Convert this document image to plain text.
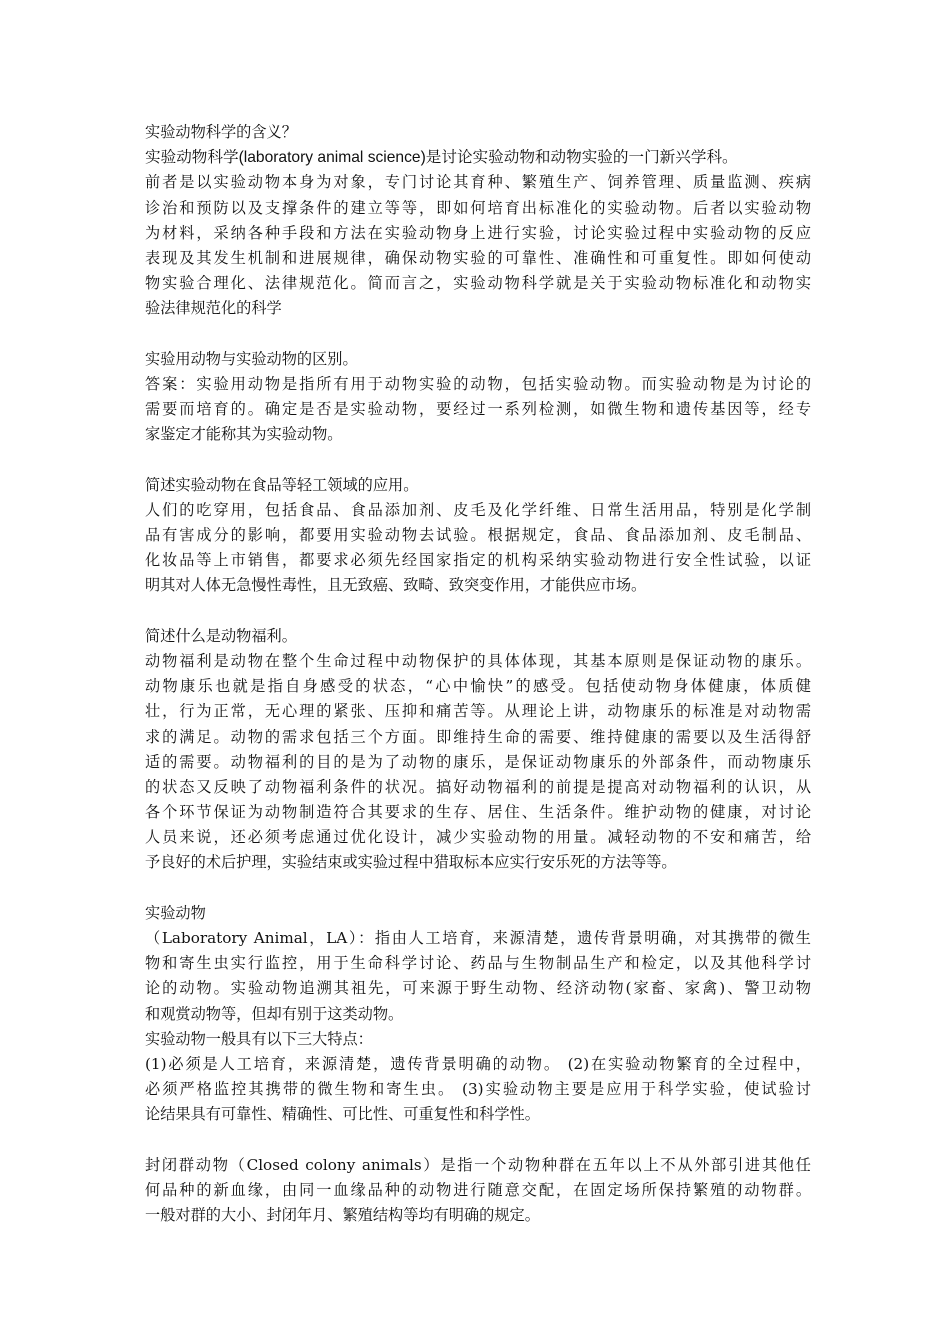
实验动物科学的含义？
实验动物科学(laboratory animal science)是讨论实验动物和动物实验的一门新兴学科。
前者是以实验动物本身为对象，专门讨论其育种、繁殖生产、饲养管理、质量监测、疾病
诊治和预防以及支撑条件的建立等等，即如何培育出标准化的实验动物。后者以实验动物
为材料，采纳各种手段和方法在实验动物身上进行实验，讨论实验过程中实验动物的反应
表现及其发生机制和进展规律，确保动物实验的可靠性、准确性和可重复性。即如何使动
物实验合理化、法律规范化。简而言之，实验动物科学就是关于实验动物标准化和动物实
验法律规范化的科学
实验用动物与实验动物的区别。
答案：实验用动物是指所有用于动物实验的动物，包括实验动物。而实验动物是为讨论的
需要而培育的。确定是否是实验动物，要经过一系列检测，如微生物和遗传基因等，经专
家鉴定才能称其为实验动物。
简述实验动物在食品等轻工领域的应用。
人们的吃穿用，包括食品、食品添加剂、皮毛及化学纤维、日常生活用品，特别是化学制
品有害成分的影响，都要用实验动物去试验。根据规定，食品、食品添加剂、皮毛制品、
化妆品等上市销售，都要求必须先经国家指定的机构采纳实验动物进行安全性试验，以证
明其对人体无急慢性毒性，且无致癌、致畸、致突变作用，才能供应市场。
简述什么是动物福利。
动物福利是动物在整个生命过程中动物保护的具体体现，其基本原则是保证动物的康乐。
动物康乐也就是指自身感受的状态，“心中愉快”的感受。包括使动物身体健康，体质健
壮，行为正常，无心理的紧张、压抑和痛苦等。从理论上讲，动物康乐的标准是对动物需
求的满足。动物的需求包括三个方面。即维持生命的需要、维持健康的需要以及生活得舒
适的需要。动物福利的目的是为了动物的康乐，是保证动物康乐的外部条件，而动物康乐
的状态又反映了动物福利条件的状况。搞好动物福利的前提是提高对动物福利的认识，从
各个环节保证为动物制造符合其要求的生存、居住、生活条件。维护动物的健康，对讨论
人员来说，还必须考虑通过优化设计，减少实验动物的用量。减轻动物的不安和痛苦，给
予良好的术后护理，实验结束或实验过程中猎取标本应实行安乐死的方法等等。
实验动物
（Laboratory Animal，LA）：指由人工培育，来源清楚，遗传背景明确，对其携带的微生
物和寄生虫实行监控，用于生命科学讨论、药品与生物制品生产和检定，以及其他科学讨
论的动物。实验动物追溯其祖先，可来源于野生动物、经济动物(家畜、家禽)、警卫动物
和观赏动物等，但却有别于这类动物。
实验动物一般具有以下三大特点：
(1)必须是人工培育，来源清楚，遗传背景明确的动物。 (2)在实验动物繁育的全过程中，
必须严格监控其携带的微生物和寄生虫。 (3)实验动物主要是应用于科学实验，使试验讨
论结果具有可靠性、精确性、可比性、可重复性和科学性。
封闭群动物（Closed colony animals）是指一个动物种群在五年以上不从外部引进其他任
何品种的新血缘，由同一血缘品种的动物进行随意交配，在固定场所保持繁殖的动物群。
一般对群的大小、封闭年月、繁殖结构等均有明确的规定。
